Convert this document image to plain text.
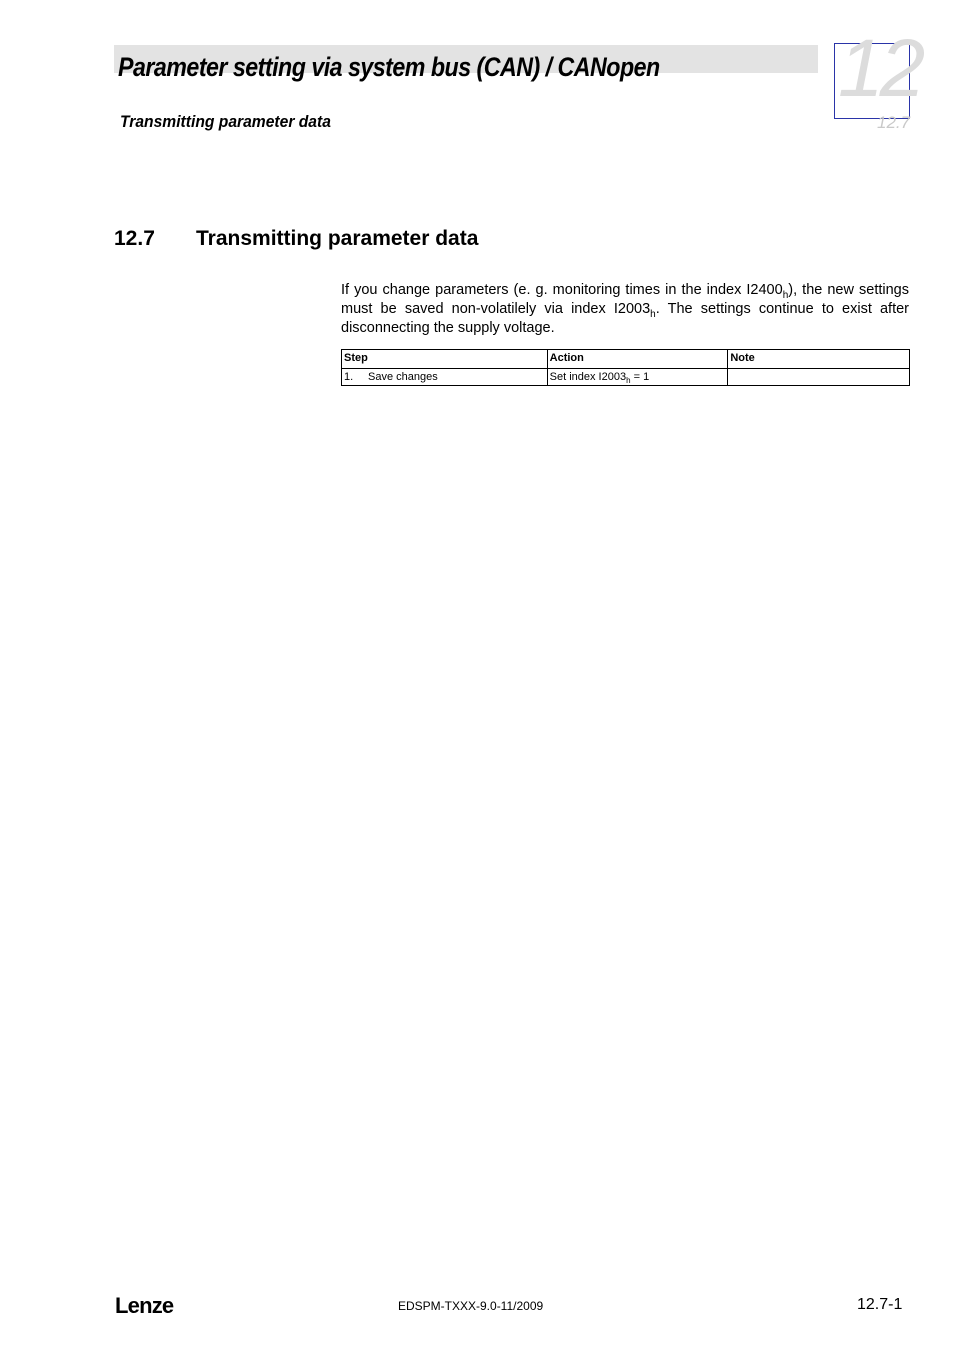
Parameter setting via system bus (CAN) / CANopen
Transmitting parameter data
12
12.7
12.7 Transmitting parameter data
If you change parameters (e. g. monitoring times in the index $I2400_h$), the new settings must be saved non-volatilely via index $I2003_h$. The settings continue to exist after disconnecting the supply voltage.
Step	Action	Note
1. Save changes	Set index $I2003_h = 1$	
Lenze	EDSPM-TXXX-9.0-11/2009	12.7-1
